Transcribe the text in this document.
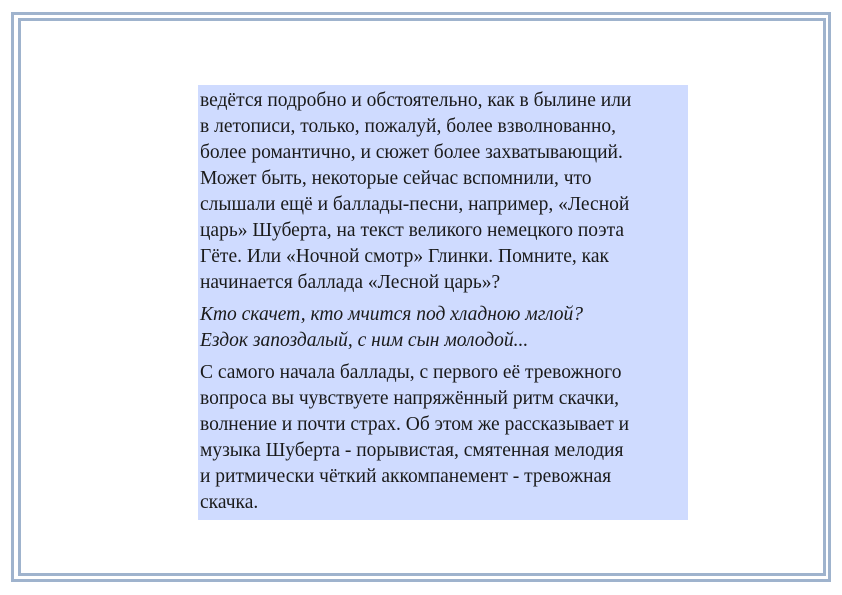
ведётся подробно и обстоятельно, как в былине или
в летописи, только, пожалуй, более взволнованно,
более романтично, и сюжет более захватывающий.
Может быть, некоторые сейчас вспомнили, что
слышали ещё и баллады-песни, например, «Лесной
царь» Шуберта, на текст великого немецкого поэта
Гёте. Или «Ночной смотр» Глинки. Помните, как
начинается баллада «Лесной царь»?

Кто скачет, кто мчится под хладною мглой?
Ездок запоздалый, с ним сын молодой...

С самого начала баллады, с первого её тревожного
вопроса вы чувствуете напряжённый ритм скачки,
волнение и почти страх. Об этом же рассказывает и
музыка Шуберта - порывистая, смятенная мелодия
и ритмически чёткий аккомпанемент - тревожная
скачка.
